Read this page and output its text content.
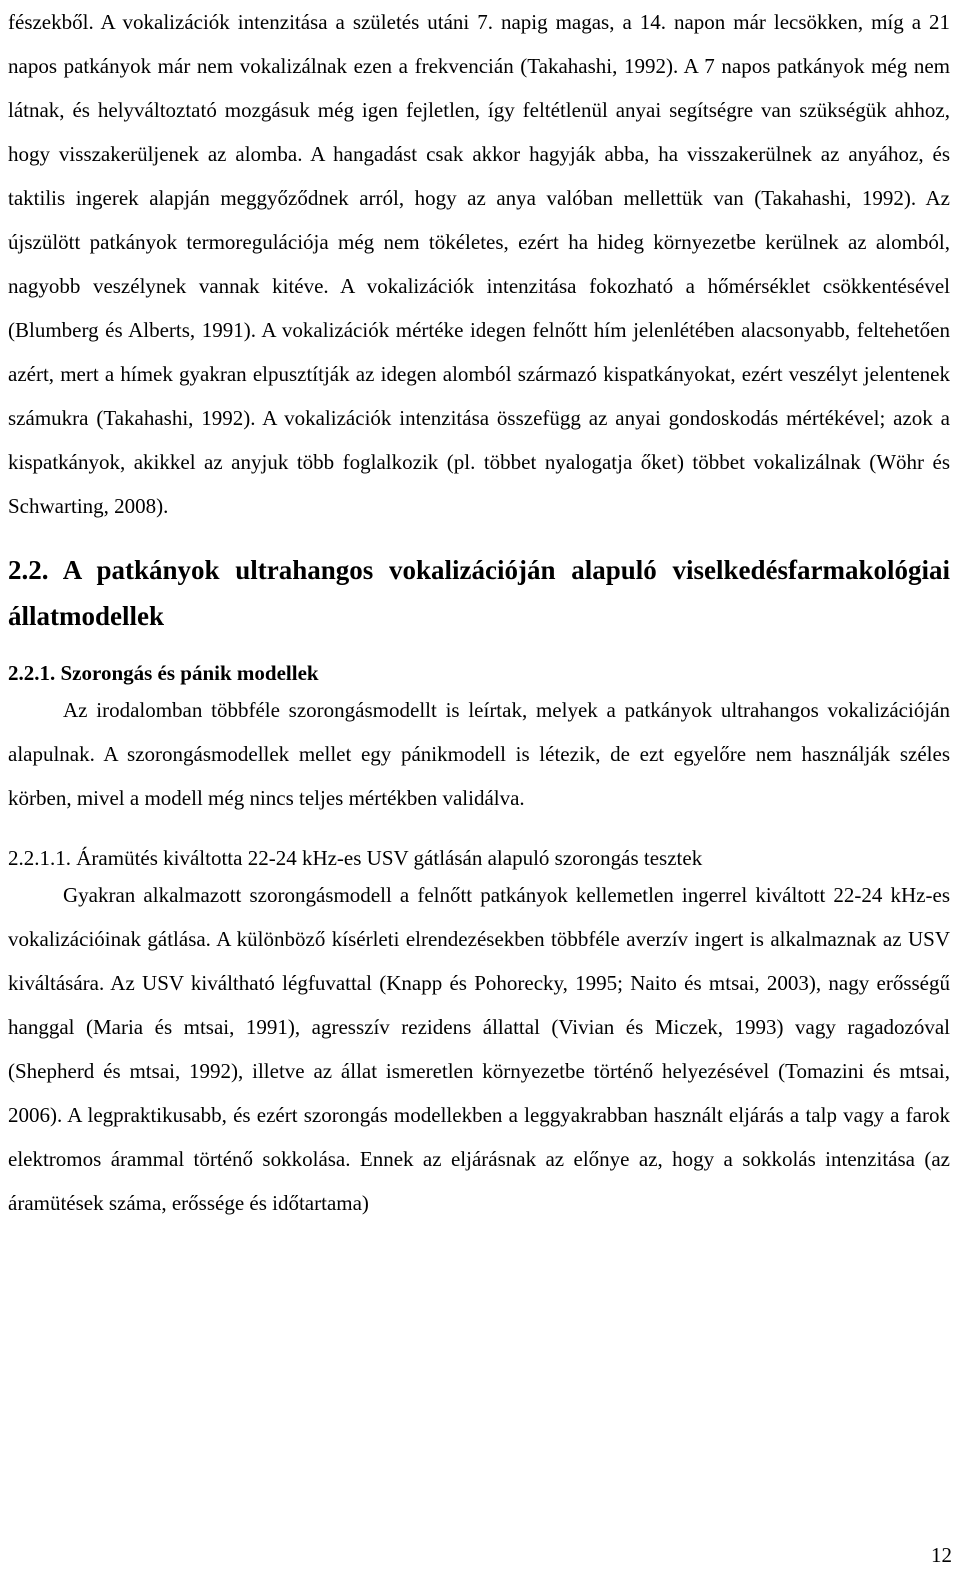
fészekből. A vokalizációk intenzitása a születés utáni 7. napig magas, a 14. napon már lecsökken, míg a 21 napos patkányok már nem vokalizálnak ezen a frekvencián (Takahashi, 1992). A 7 napos patkányok még nem látnak, és helyváltoztató mozgásuk még igen fejletlen, így feltétlenül anyai segítségre van szükségük ahhoz, hogy visszakerüljenek az alomba. A hangadást csak akkor hagyják abba, ha visszakerülnek az anyához, és taktilis ingerek alapján meggyőződnek arról, hogy az anya valóban mellettük van (Takahashi, 1992). Az újszülött patkányok termoregulációja még nem tökéletes, ezért ha hideg környezetbe kerülnek az alomból, nagyobb veszélynek vannak kitéve. A vokalizációk intenzitása fokozható a hőmérséklet csökkentésével (Blumberg és Alberts, 1991). A vokalizációk mértéke idegen felnőtt hím jelenlétében alacsonyabb, feltehetően azért, mert a hímek gyakran elpusztítják az idegen alomból származó kispatkányokat, ezért veszélyt jelentenek számukra (Takahashi, 1992). A vokalizációk intenzitása összefügg az anyai gondoskodás mértékével; azok a kispatkányok, akikkel az anyjuk több foglalkozik (pl. többet nyalogatja őket) többet vokalizálnak (Wöhr és Schwarting, 2008).

2.2. A patkányok ultrahangos vokalizációján alapuló viselkedésfarmakológiai állatmodellek
2.2.1. Szorongás és pánik modellek

Az irodalomban többféle szorongásmodellt is leírtak, melyek a patkányok ultrahangos vokalizációján alapulnak. A szorongásmodellek mellet egy pánikmodell is létezik, de ezt egyelőre nem használják széles körben, mivel a modell még nincs teljes mértékben validálva.

2.2.1.1. Áramütés kiváltotta 22-24 kHz-es USV gátlásán alapuló szorongás tesztek

Gyakran alkalmazott szorongásmodell a felnőtt patkányok kellemetlen ingerrel kiváltott 22-24 kHz-es vokalizációinak gátlása. A különböző kísérleti elrendezésekben többféle averzív ingert is alkalmaznak az USV kiváltására. Az USV kiváltható légfuvattal (Knapp és Pohorecky, 1995; Naito és mtsai, 2003), nagy erősségű hanggal (Maria és mtsai, 1991), agresszív rezidens állattal (Vivian és Miczek, 1993) vagy ragadozóval (Shepherd és mtsai, 1992), illetve az állat ismeretlen környezetbe történő helyezésével (Tomazini és mtsai, 2006). A legpraktikusabb, és ezért szorongás modellekben a leggyakrabban használt eljárás a talp vagy a farok elektromos árammal történő sokkolása. Ennek az eljárásnak az előnye az, hogy a sokkolás intenzitása (az áramütések száma, erőssége és időtartama)

12
